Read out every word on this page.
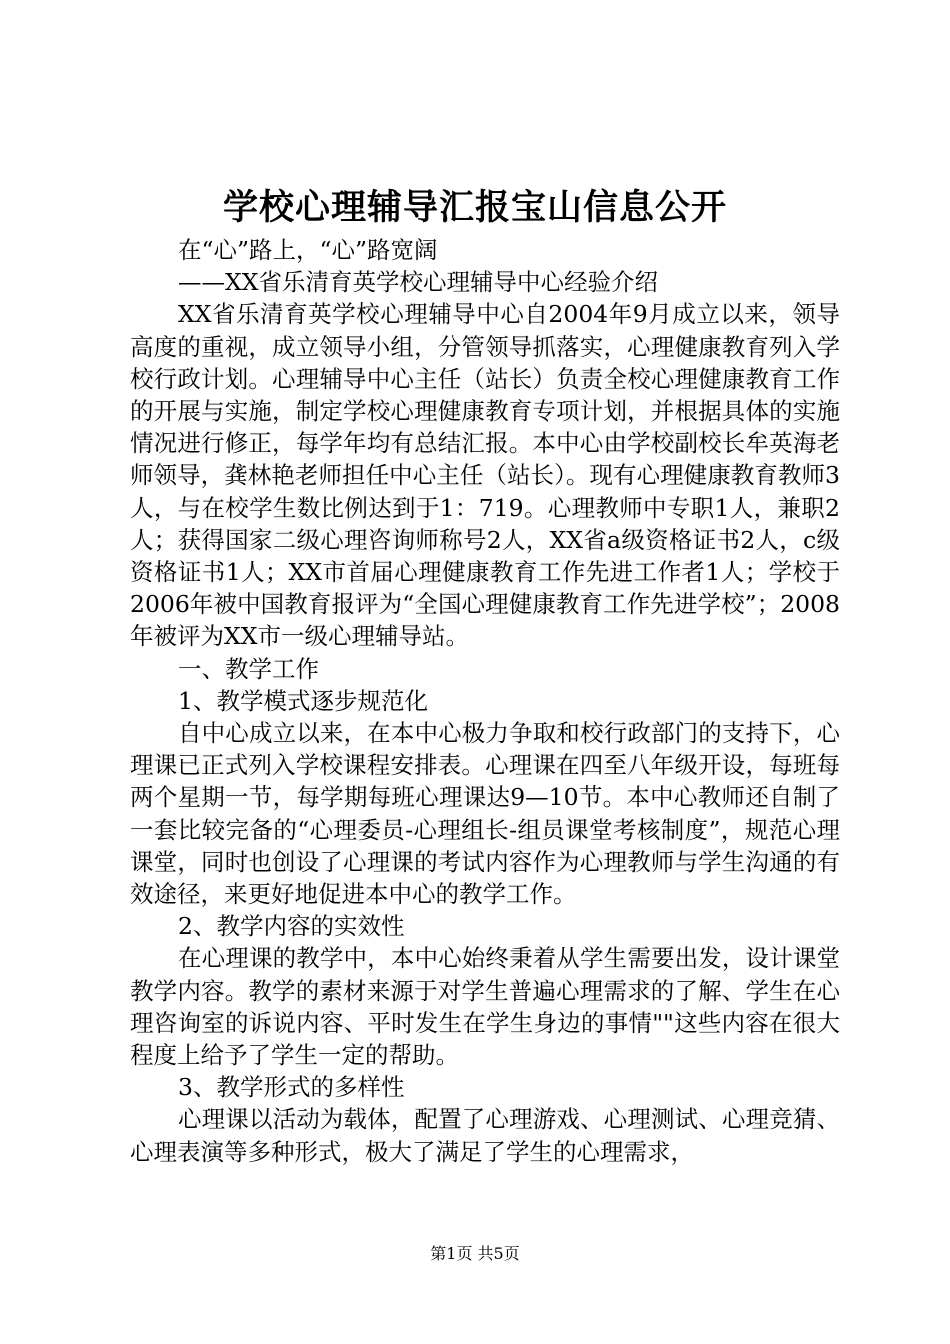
学校心理辅导汇报宝山信息公开

在“心”路上，“心”路宽阔

——XX省乐清育英学校心理辅导中心经验介绍

XX省乐清育英学校心理辅导中心自2004年9月成立以来，领导高度的重视，成立领导小组，分管领导抓落实，心理健康教育列入学校行政计划。心理辅导中心主任（站长）负责全校心理健康教育工作的开展与实施，制定学校心理健康教育专项计划，并根据具体的实施情况进行修正，每学年均有总结汇报。本中心由学校副校长牟英海老师领导，龚林艳老师担任中心主任（站长）。现有心理健康教育教师3人，与在校学生数比例达到于1：719。心理教师中专职1人，兼职2人；获得国家二级心理咨询师称号2人，XX省a级资格证书2人，c级资格证书1人；XX市首届心理健康教育工作先进工作者1人；学校于2006年被中国教育报评为“全国心理健康教育工作先进学校”；2008年被评为XX市一级心理辅导站。

一、教学工作

1、教学模式逐步规范化

自中心成立以来，在本中心极力争取和校行政部门的支持下，心理课已正式列入学校课程安排表。心理课在四至八年级开设，每班每两个星期一节，每学期每班心理课达9—10节。本中心教师还自制了一套比较完备的“心理委员-心理组长-组员课堂考核制度”，规范心理课堂，同时也创设了心理课的考试内容作为心理教师与学生沟通的有效途径，来更好地促进本中心的教学工作。

2、教学内容的实效性

在心理课的教学中，本中心始终秉着从学生需要出发，设计课堂教学内容。教学的素材来源于对学生普遍心理需求的了解、学生在心理咨询室的诉说内容、平时发生在学生身边的事情""这些内容在很大程度上给予了学生一定的帮助。

3、教学形式的多样性

心理课以活动为载体，配置了心理游戏、心理测试、心理竞猜、心理表演等多种形式，极大了满足了学生的心理需求，

第1页 共5页
